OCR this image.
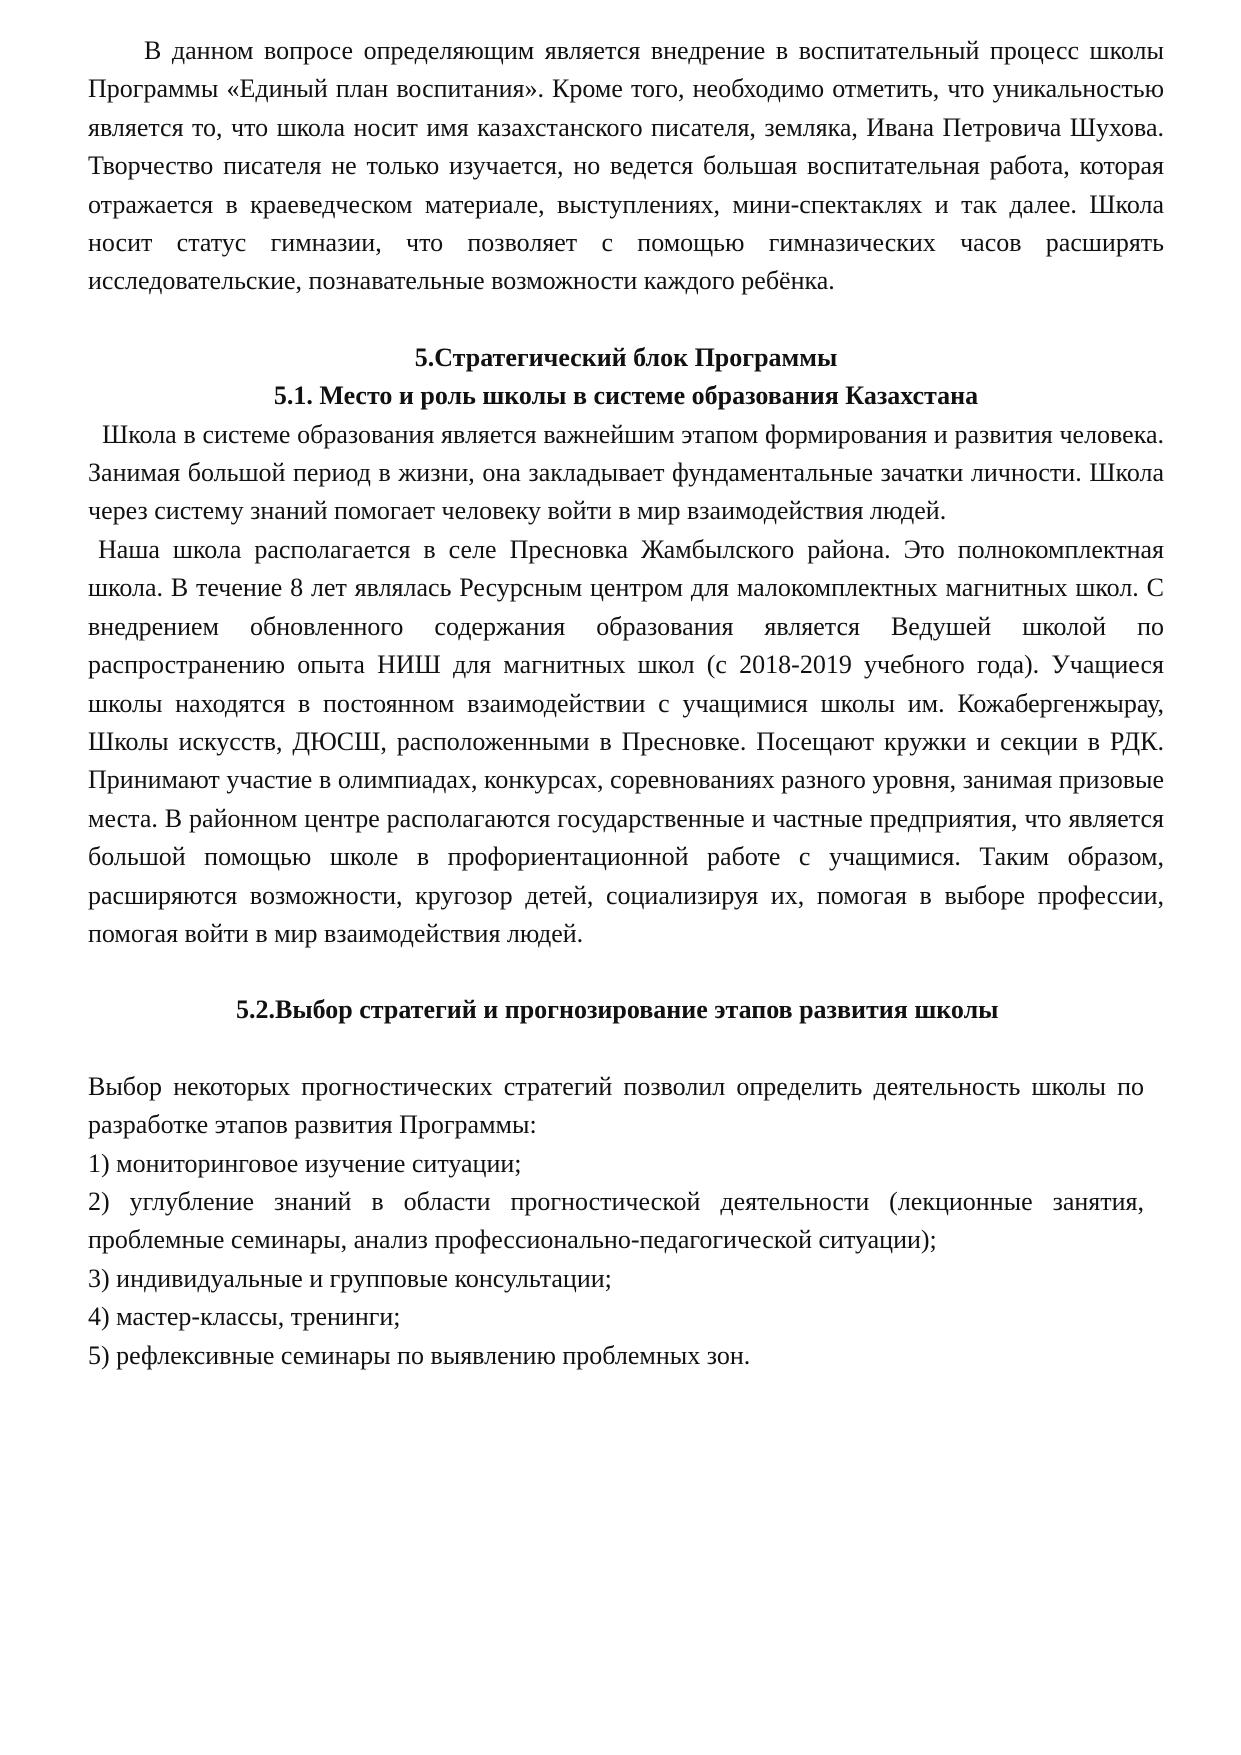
В данном вопросе определяющим является внедрение в воспитательный процесс школы Программы «Единый план воспитания». Кроме того, необходимо отметить, что уникальностью является то, что школа носит имя казахстанского писателя, земляка, Ивана Петровича Шухова. Творчество писателя не только изучается, но ведется большая воспитательная работа, которая отражается в краеведческом материале, выступлениях, мини-спектаклях и так далее. Школа носит статус гимназии, что позволяет с помощью гимназических часов расширять исследовательские, познавательные возможности каждого ребёнка.

5.Стратегический блок Программы

5.1. Место и роль школы в системе образования Казахстана

Школа в системе образования является важнейшим этапом формирования и развития человека. Занимая большой период в жизни, она закладывает фундаментальные зачатки личности. Школа через систему знаний помогает человеку войти в мир взаимодействия людей.

Наша школа располагается в селе Пресновка Жамбылского района. Это полнокомплектная школа. В течение 8 лет являлась Ресурсным центром для малокомплектных магнитных школ. С внедрением обновленного содержания образования является Ведушей школой по распространению опыта НИШ для магнитных школ (с 2018-2019 учебного года). Учащиеся школы находятся в постоянном взаимодействии с учащимися школы им. Кожабергенжырау, Школы искусств, ДЮСШ, расположенными в Пресновке. Посещают кружки и секции в РДК. Принимают участие в олимпиадах, конкурсах, соревнованиях разного уровня, занимая призовые места. В районном центре располагаются государственные и частные предприятия, что является большой помощью школе в профориентационной работе с учащимися. Таким образом, расширяются возможности, кругозор детей, социализируя их, помогая в выборе профессии, помогая войти в мир взаимодействия людей.

5.2.Выбор стратегий и прогнозирование этапов развития школы

Выбор некоторых прогностических стратегий позволил определить деятельность школы по разработке этапов развития Программы:

1) мониторинговое изучение ситуации;

2) углубление знаний в области прогностической деятельности (лекционные занятия, проблемные семинары, анализ профессионально-педагогической ситуации);

3) индивидуальные и групповые консультации;

4) мастер-классы, тренинги;

5) рефлексивные семинары по выявлению проблемных зон.
